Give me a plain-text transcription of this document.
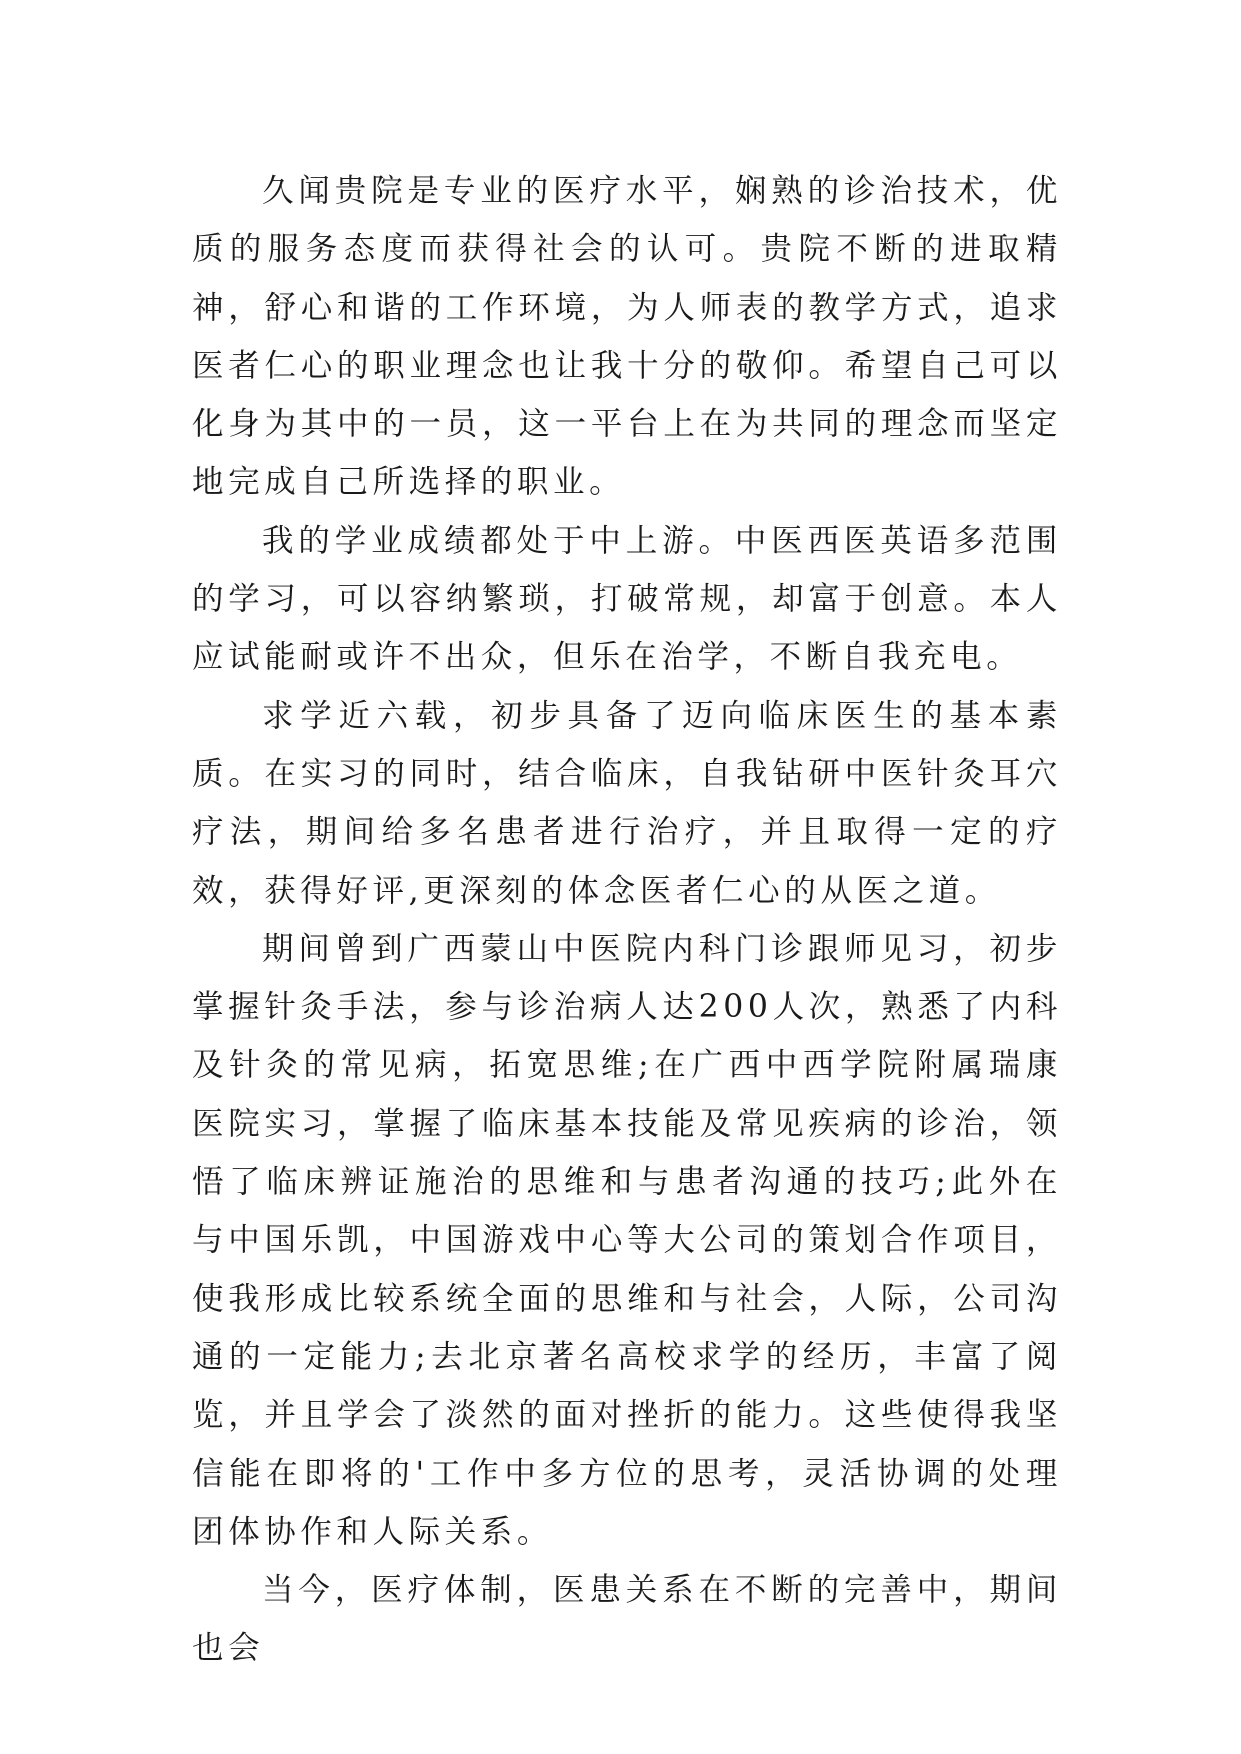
久闻贵院是专业的医疗水平，娴熟的诊治技术，优质的服务态度而获得社会的认可。贵院不断的进取精神，舒心和谐的工作环境，为人师表的教学方式，追求医者仁心的职业理念也让我十分的敬仰。希望自己可以化身为其中的一员，这一平台上在为共同的理念而坚定地完成自己所选择的职业。

我的学业成绩都处于中上游。中医西医英语多范围的学习，可以容纳繁琐，打破常规，却富于创意。本人应试能耐或许不出众，但乐在治学，不断自我充电。

求学近六载，初步具备了迈向临床医生的基本素质。在实习的同时，结合临床，自我钻研中医针灸耳穴疗法，期间给多名患者进行治疗，并且取得一定的疗效，获得好评,更深刻的体念医者仁心的从医之道。

期间曾到广西蒙山中医院内科门诊跟师见习，初步掌握针灸手法，参与诊治病人达200人次，熟悉了内科及针灸的常见病，拓宽思维;在广西中西学院附属瑞康医院实习，掌握了临床基本技能及常见疾病的诊治，领悟了临床辨证施治的思维和与患者沟通的技巧;此外在与中国乐凯，中国游戏中心等大公司的策划合作项目，使我形成比较系统全面的思维和与社会，人际，公司沟通的一定能力;去北京著名高校求学的经历，丰富了阅览，并且学会了淡然的面对挫折的能力。这些使得我坚信能在即将的'工作中多方位的思考，灵活协调的处理团体协作和人际关系。

当今，医疗体制，医患关系在不断的完善中，期间也会
